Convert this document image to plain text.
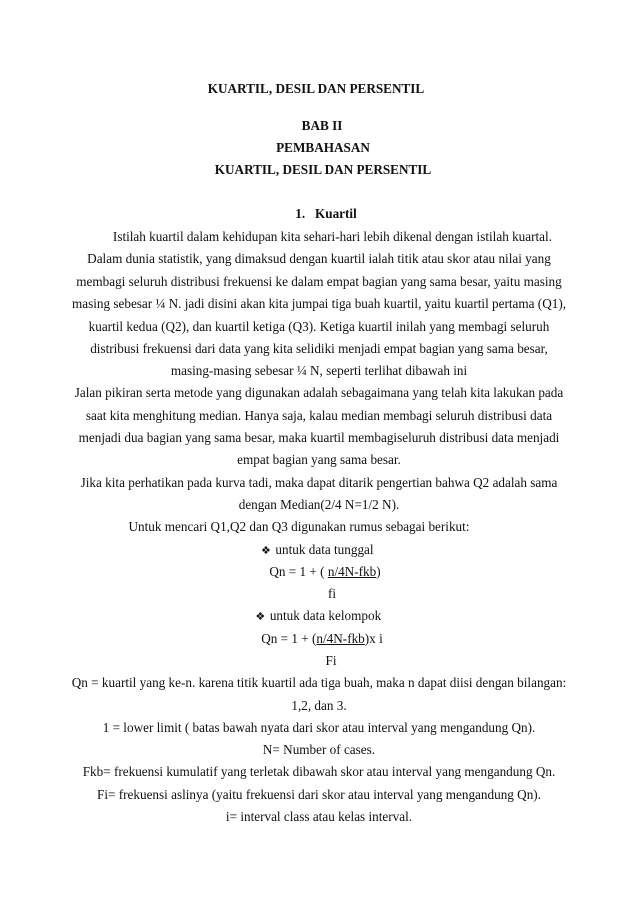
KUARTIL, DESIL DAN PERSENTIL
BAB II
PEMBAHASAN
KUARTIL, DESIL DAN PERSENTIL
1. Kuartil
Istilah kuartil dalam kehidupan kita sehari-hari lebih dikenal dengan istilah kuartal.
Dalam dunia statistik, yang dimaksud dengan kuartil ialah titik atau skor atau nilai yang
membagi seluruh distribusi frekuensi ke dalam empat bagian yang sama besar, yaitu masing
masing sebesar ¼ N. jadi disini akan kita jumpai tiga buah kuartil, yaitu kuartil pertama (Q1),
kuartil kedua (Q2), dan kuartil ketiga (Q3). Ketiga kuartil inilah yang membagi seluruh
distribusi frekuensi dari data yang kita selidiki menjadi empat bagian yang sama besar,
masing-masing sebesar ¼ N, seperti terlihat dibawah ini
Jalan pikiran serta metode yang digunakan adalah sebagaimana yang telah kita lakukan pada
saat kita menghitung median. Hanya saja, kalau median membagi seluruh distribusi data
menjadi dua bagian yang sama besar, maka kuartil membagiseluruh distribusi data menjadi
empat bagian yang sama besar.
Jika kita perhatikan pada kurva tadi, maka dapat ditarik pengertian bahwa Q2 adalah sama
dengan Median(2/4 N=1/2 N).
Untuk mencari Q1,Q2 dan Q3 digunakan rumus sebagai berikut:
❖ untuk data tunggal
Qn = 1 + ( n/4N-fkb)
fi
❖ untuk data kelompok
Qn = 1 + (n/4N-fkb)x i
Fi
Qn = kuartil yang ke-n. karena titik kuartil ada tiga buah, maka n dapat diisi dengan bilangan:
1,2, dan 3.
1 = lower limit ( batas bawah nyata dari skor atau interval yang mengandung Qn).
N= Number of cases.
Fkb= frekuensi kumulatif yang terletak dibawah skor atau interval yang mengandung Qn.
Fi= frekuensi aslinya (yaitu frekuensi dari skor atau interval yang mengandung Qn).
i= interval class atau kelas interval.
